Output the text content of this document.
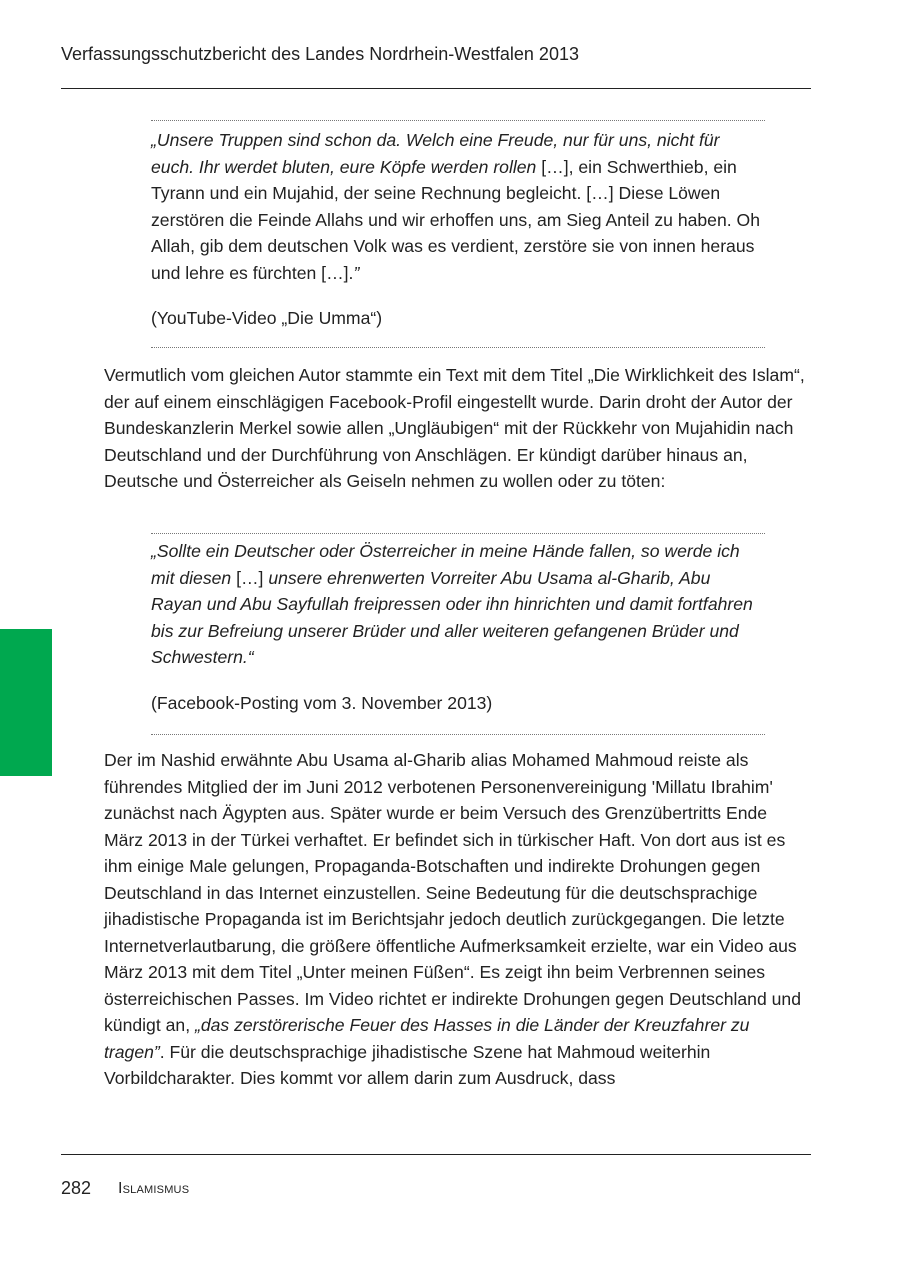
Verfassungsschutzbericht des Landes Nordrhein-Westfalen 2013

„Unsere Truppen sind schon da. Welch eine Freude, nur für uns, nicht für euch. Ihr werdet bluten, eure Köpfe werden rollen […], ein Schwerthieb, ein Tyrann und ein Mujahid, der seine Rechnung begleicht. […] Diese Löwen zerstören die Feinde Allahs und wir erhoffen uns, am Sieg Anteil zu haben. Oh Allah, gib dem deutschen Volk was es verdient, zerstöre sie von innen heraus und lehre es fürchten […].”

(YouTube-Video „Die Umma“)

Vermutlich vom gleichen Autor stammte ein Text mit dem Titel „Die Wirklichkeit des Islam“, der auf einem einschlägigen Facebook-Profil eingestellt wurde. Darin droht der Autor der Bundeskanzlerin Merkel sowie allen „Ungläubigen“ mit der Rückkehr von Mujahidin nach Deutschland und der Durchführung von Anschlägen. Er kündigt darüber hinaus an, Deutsche und Österreicher als Geiseln nehmen zu wollen oder zu töten:

„Sollte ein Deutscher oder Österreicher in meine Hände fallen, so werde ich mit diesen […] unsere ehrenwerten Vorreiter Abu Usama al-Gharib, Abu Rayan und Abu Sayfullah freipressen oder ihn hinrichten und damit fortfahren bis zur Befreiung unserer Brüder und aller weiteren gefangenen Brüder und Schwestern.“

(Facebook-Posting vom 3. November 2013)

Der im Nashid erwähnte Abu Usama al-Gharib alias Mohamed Mahmoud reiste als führendes Mitglied der im Juni 2012 verbotenen Personenvereinigung 'Millatu Ibrahim' zunächst nach Ägypten aus. Später wurde er beim Versuch des Grenzübertritts Ende März 2013 in der Türkei verhaftet. Er befindet sich in türkischer Haft. Von dort aus ist es ihm einige Male gelungen, Propaganda-Botschaften und indirekte Drohungen gegen Deutschland in das Internet einzustellen. Seine Bedeutung für die deutschsprachige jihadistische Propaganda ist im Berichtsjahr jedoch deutlich zurückgegangen. Die letzte Internetverlautbarung, die größere öffentliche Aufmerksamkeit erzielte, war ein Video aus März 2013 mit dem Titel „Unter meinen Füßen“. Es zeigt ihn beim Verbrennen seines österreichischen Passes. Im Video richtet er indirekte Drohungen gegen Deutschland und kündigt an, „das zerstörerische Feuer des Hasses in die Länder der Kreuzfahrer zu tragen”. Für die deutschsprachige jihadistische Szene hat Mahmoud weiterhin Vorbildcharakter. Dies kommt vor allem darin zum Ausdruck, dass

282 Islamismus
